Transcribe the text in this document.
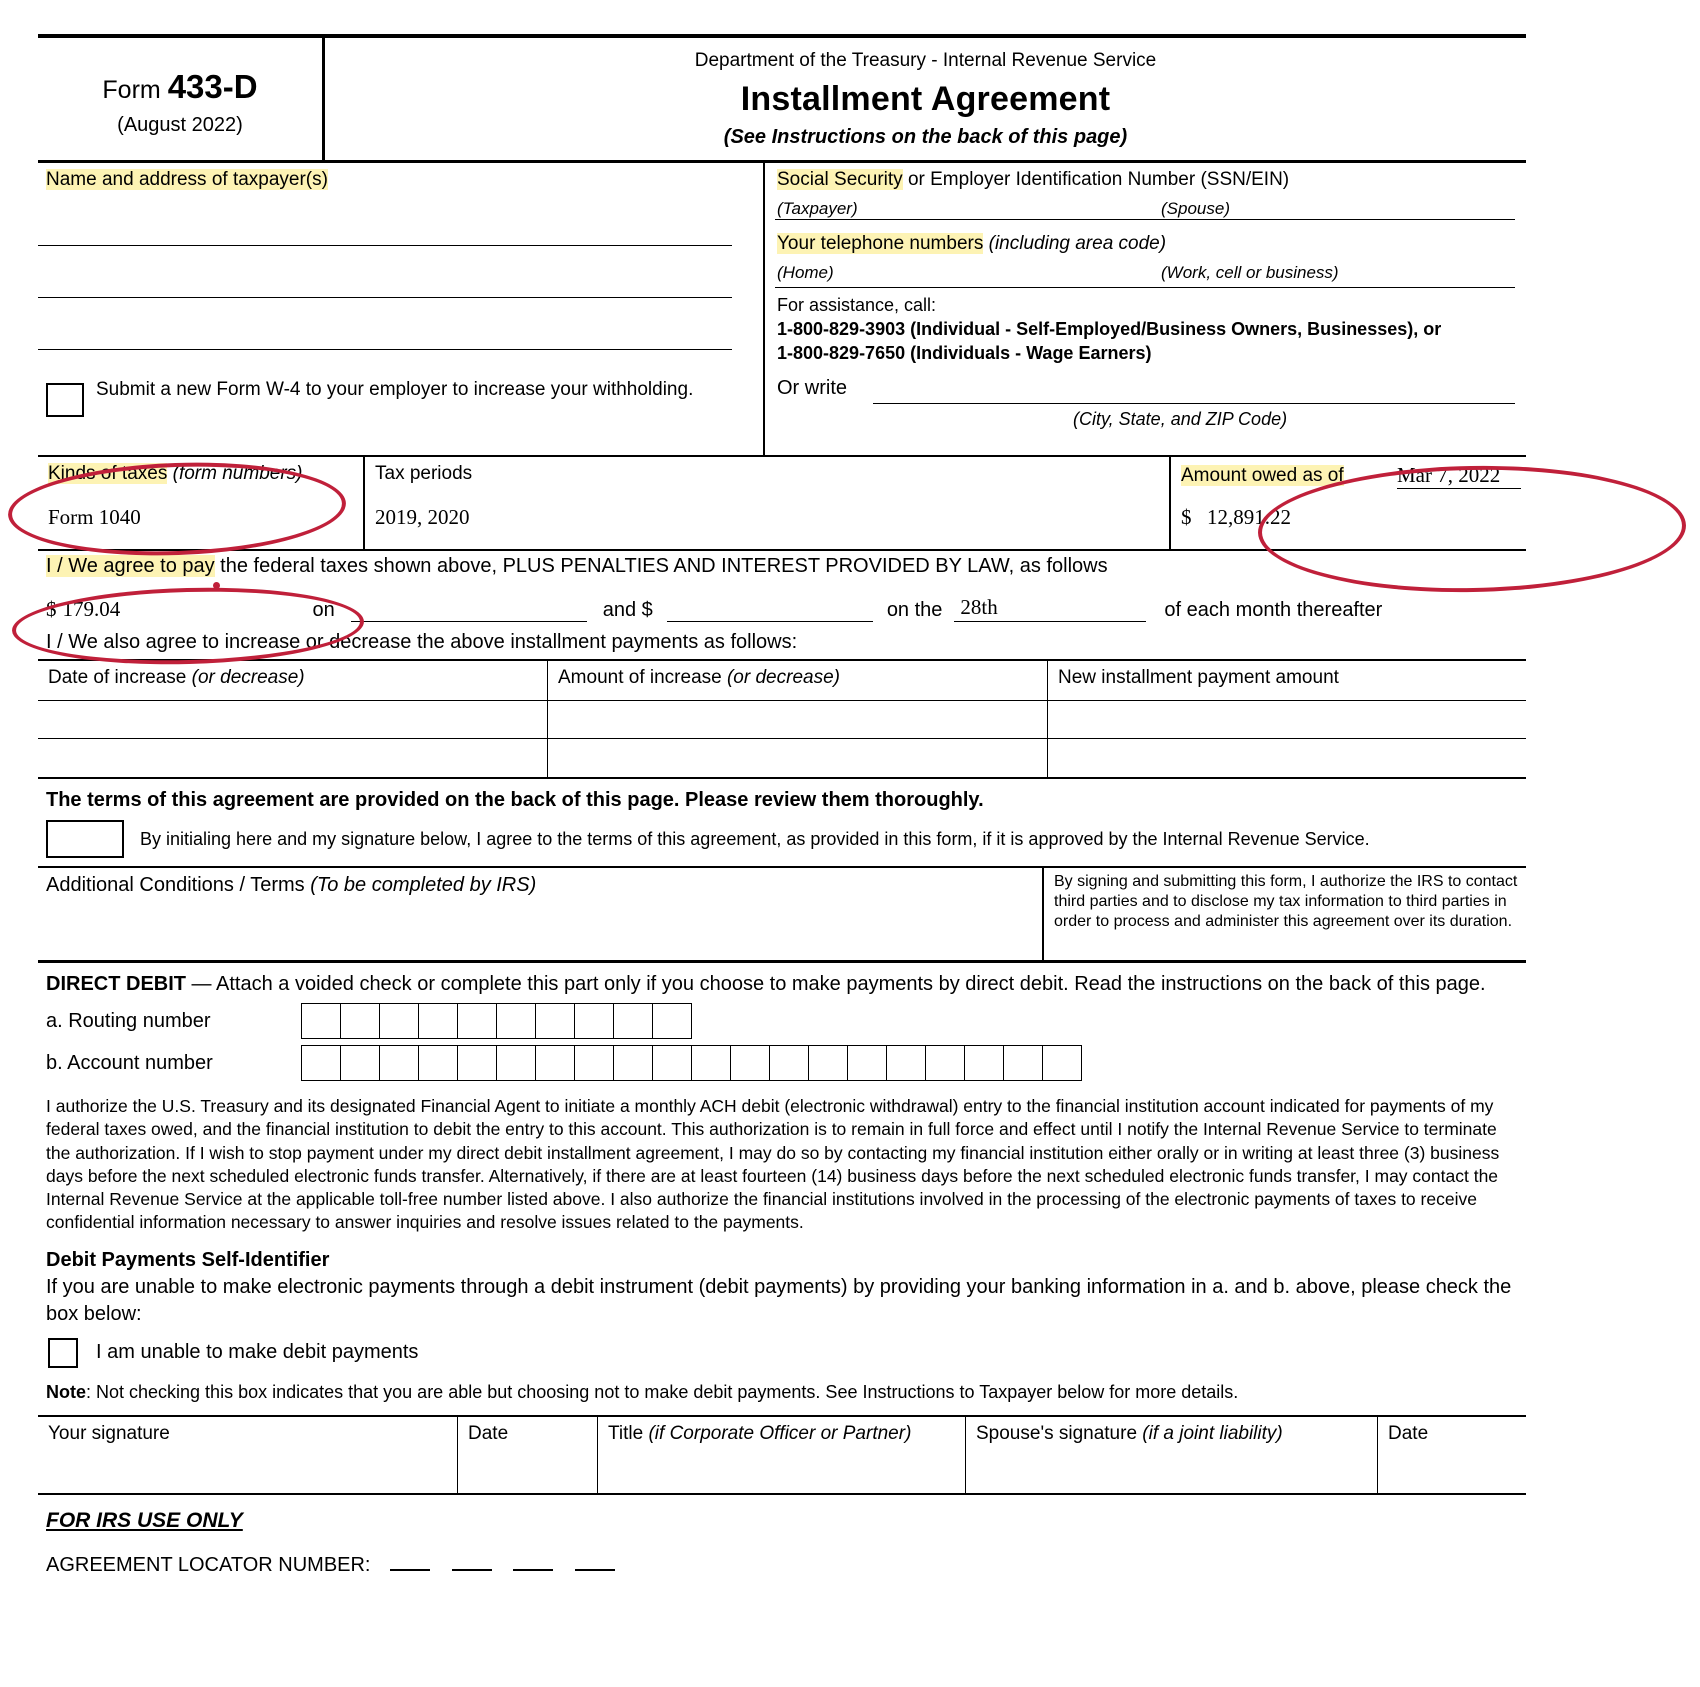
Form 433-D
(August 2022)
Department of the Treasury - Internal Revenue Service
Installment Agreement
(See Instructions on the back of this page)
Name and address of taxpayer(s)
Submit a new Form W-4 to your employer to increase your withholding.
Social Security or Employer Identification Number (SSN/EIN)
(Taxpayer)	(Spouse)
Your telephone numbers (including area code)
(Home)	(Work, cell or business)
For assistance, call:
1-800-829-3903 (Individual - Self-Employed/Business Owners, Businesses), or
1-800-829-7650 (Individuals - Wage Earners)
Or write
(City, State, and ZIP Code)
Kinds of taxes (form numbers)
Form 1040
Tax periods
2019, 2020
Amount owed as of	Mar 7, 2022
$ 12,891.22
I / We agree to pay the federal taxes shown above, PLUS PENALTIES AND INTEREST PROVIDED BY LAW, as follows
$ 179.04	on	and $	on the 28th	of each month thereafter
I / We also agree to increase or decrease the above installment payments as follows:
Date of increase (or decrease)	Amount of increase (or decrease)	New installment payment amount
The terms of this agreement are provided on the back of this page. Please review them thoroughly.
By initialing here and my signature below, I agree to the terms of this agreement, as provided in this form, if it is approved by the Internal Revenue Service.
Additional Conditions / Terms (To be completed by IRS)	By signing and submitting this form, I authorize the IRS to contact third parties and to disclose my tax information to third parties in order to process and administer this agreement over its duration.
DIRECT DEBIT — Attach a voided check or complete this part only if you choose to make payments by direct debit. Read the instructions on the back of this page.
a. Routing number
b. Account number
I authorize the U.S. Treasury and its designated Financial Agent to initiate a monthly ACH debit (electronic withdrawal) entry to the financial institution account indicated for payments of my federal taxes owed, and the financial institution to debit the entry to this account. This authorization is to remain in full force and effect until I notify the Internal Revenue Service to terminate the authorization. If I wish to stop payment under my direct debit installment agreement, I may do so by contacting my financial institution either orally or in writing at least three (3) business days before the next scheduled electronic funds transfer. Alternatively, if there are at least fourteen (14) business days before the next scheduled electronic funds transfer, I may contact the Internal Revenue Service at the applicable toll-free number listed above. I also authorize the financial institutions involved in the processing of the electronic payments of taxes to receive confidential information necessary to answer inquiries and resolve issues related to the payments.
Debit Payments Self-Identifier
If you are unable to make electronic payments through a debit instrument (debit payments) by providing your banking information in a. and b. above, please check the box below:
I am unable to make debit payments
Note: Not checking this box indicates that you are able but choosing not to make debit payments. See Instructions to Taxpayer below for more details.
Your signature	Date	Title (if Corporate Officer or Partner)	Spouse's signature (if a joint liability)	Date
FOR IRS USE ONLY
AGREEMENT LOCATOR NUMBER:
